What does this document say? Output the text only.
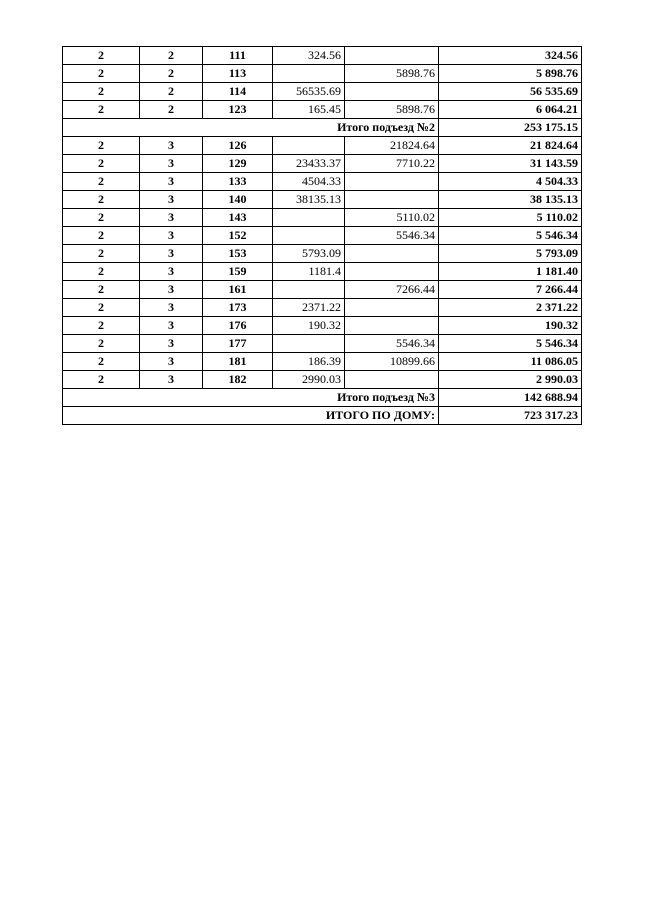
2	2	111	324.56		324.56
2	2	113		5898.76	5 898.76
2	2	114	56535.69		56 535.69
2	2	123	165.45	5898.76	6 064.21
Итого подъезд №2					253 175.15
2	3	126		21824.64	21 824.64
2	3	129	23433.37	7710.22	31 143.59
2	3	133	4504.33		4 504.33
2	3	140	38135.13		38 135.13
2	3	143		5110.02	5 110.02
2	3	152		5546.34	5 546.34
2	3	153	5793.09		5 793.09
2	3	159	1181.4		1 181.40
2	3	161		7266.44	7 266.44
2	3	173	2371.22		2 371.22
2	3	176	190.32		190.32
2	3	177		5546.34	5 546.34
2	3	181	186.39	10899.66	11 086.05
2	3	182	2990.03		2 990.03
Итого подъезд №3					142 688.94
ИТОГО ПО ДОМУ:					723 317.23
